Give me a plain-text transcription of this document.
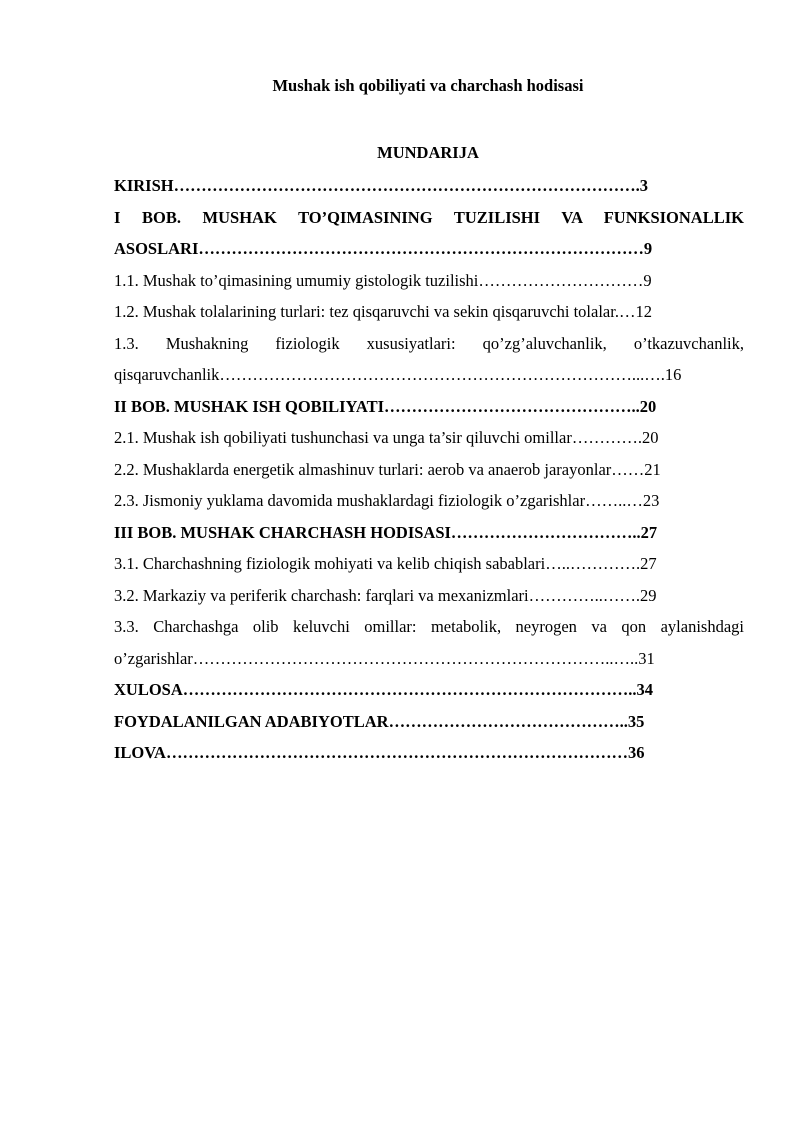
Mushak ish qobiliyati va charchash hodisasi
MUNDARIJA
KIRISH………………………………………………………………………….3
I BOB. MUSHAK TO’QIMASINING TUZILISHI VA FUNKSIONALLIK
ASOSLARI………………………………………………………………………9
1.1. Mushak to’qimasining umumiy gistologik tuzilishi…………………………9
1.2. Mushak tolalarining turlari: tez qisqaruvchi va sekin qisqaruvchi tolalar.…12
1.3. Mushakning fiziologik xususiyatlari: qo’zg’aluvchanlik, o’tkazuvchanlik,
qisqaruvchanlik…………………………………………………………………...….16
II BOB. MUSHAK ISH QOBILIYATI………………………………………..20
2.1. Mushak ish qobiliyati tushunchasi va unga ta’sir qiluvchi omillar………….20
2.2. Mushaklarda energetik almashinuv turlari: aerob va anaerob jarayonlar……21
2.3. Jismoniy yuklama davomida mushaklardagi fiziologik o’zgarishlar……..…23
III BOB. MUSHAK CHARCHASH HODISASI……………………………..27
3.1. Charchashning fiziologik mohiyati va kelib chiqish sabablari…..………….27
3.2. Markaziy va periferik charchash: farqlari va mexanizmlari…………..…….29
3.3. Charchashga olib keluvchi omillar: metabolik, neyrogen va qon aylanishdagi
o’zgarishlar…………………………………………………………………..…..31
XULOSA………………………………………………………………………..34
FOYDALANILGAN ADABIYOTLAR……………………………………..35
ILOVA…………………………………………………………………………36
